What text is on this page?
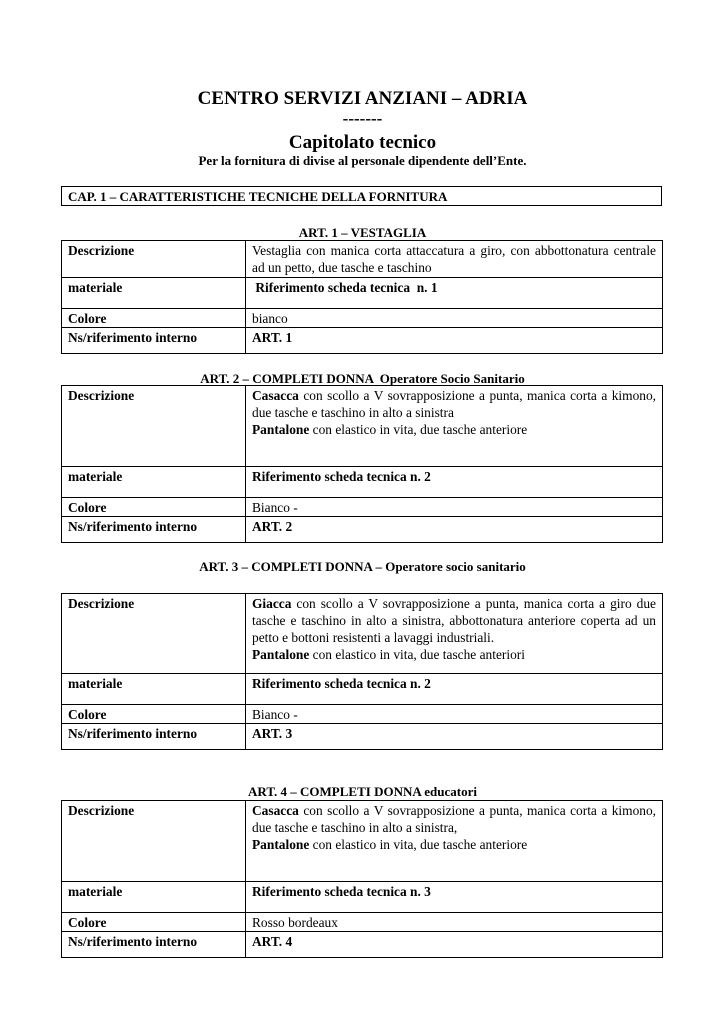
CENTRO SERVIZI ANZIANI – ADRIA
-------
Capitolato tecnico
Per la fornitura di divise al personale dipendente dell’Ente.
CAP. 1 – CARATTERISTICHE TECNICHE DELLA FORNITURA
ART. 1 – VESTAGLIA
Descrizione	Vestaglia con manica corta attaccatura a giro, con abbottonatura centrale ad un petto, due tasche e taschino
materiale	Riferimento scheda tecnica  n. 1
Colore	bianco
Ns/riferimento interno	ART. 1
ART. 2 – COMPLETI DONNA  Operatore Socio Sanitario
Descrizione	Casacca con scollo a V sovrapposizione a punta, manica corta a kimono, due tasche e taschino in alto a sinistra
Pantalone con elastico in vita, due tasche anteriore
materiale	Riferimento scheda tecnica n. 2
Colore	Bianco -
Ns/riferimento interno	ART. 2
ART. 3 – COMPLETI DONNA – Operatore socio sanitario
Descrizione	Giacca con scollo a V sovrapposizione a punta, manica corta a giro due tasche e taschino in alto a sinistra, abbottonatura anteriore coperta ad un petto e bottoni resistenti a lavaggi industriali.
Pantalone con elastico in vita, due tasche anteriori
materiale	Riferimento scheda tecnica n. 2
Colore	Bianco -
Ns/riferimento interno	ART. 3
ART. 4 – COMPLETI DONNA educatori
Descrizione	Casacca con scollo a V sovrapposizione a punta, manica corta a kimono, due tasche e taschino in alto a sinistra,
Pantalone con elastico in vita, due tasche anteriore
materiale	Riferimento scheda tecnica n. 3
Colore	Rosso bordeaux
Ns/riferimento interno	ART. 4
